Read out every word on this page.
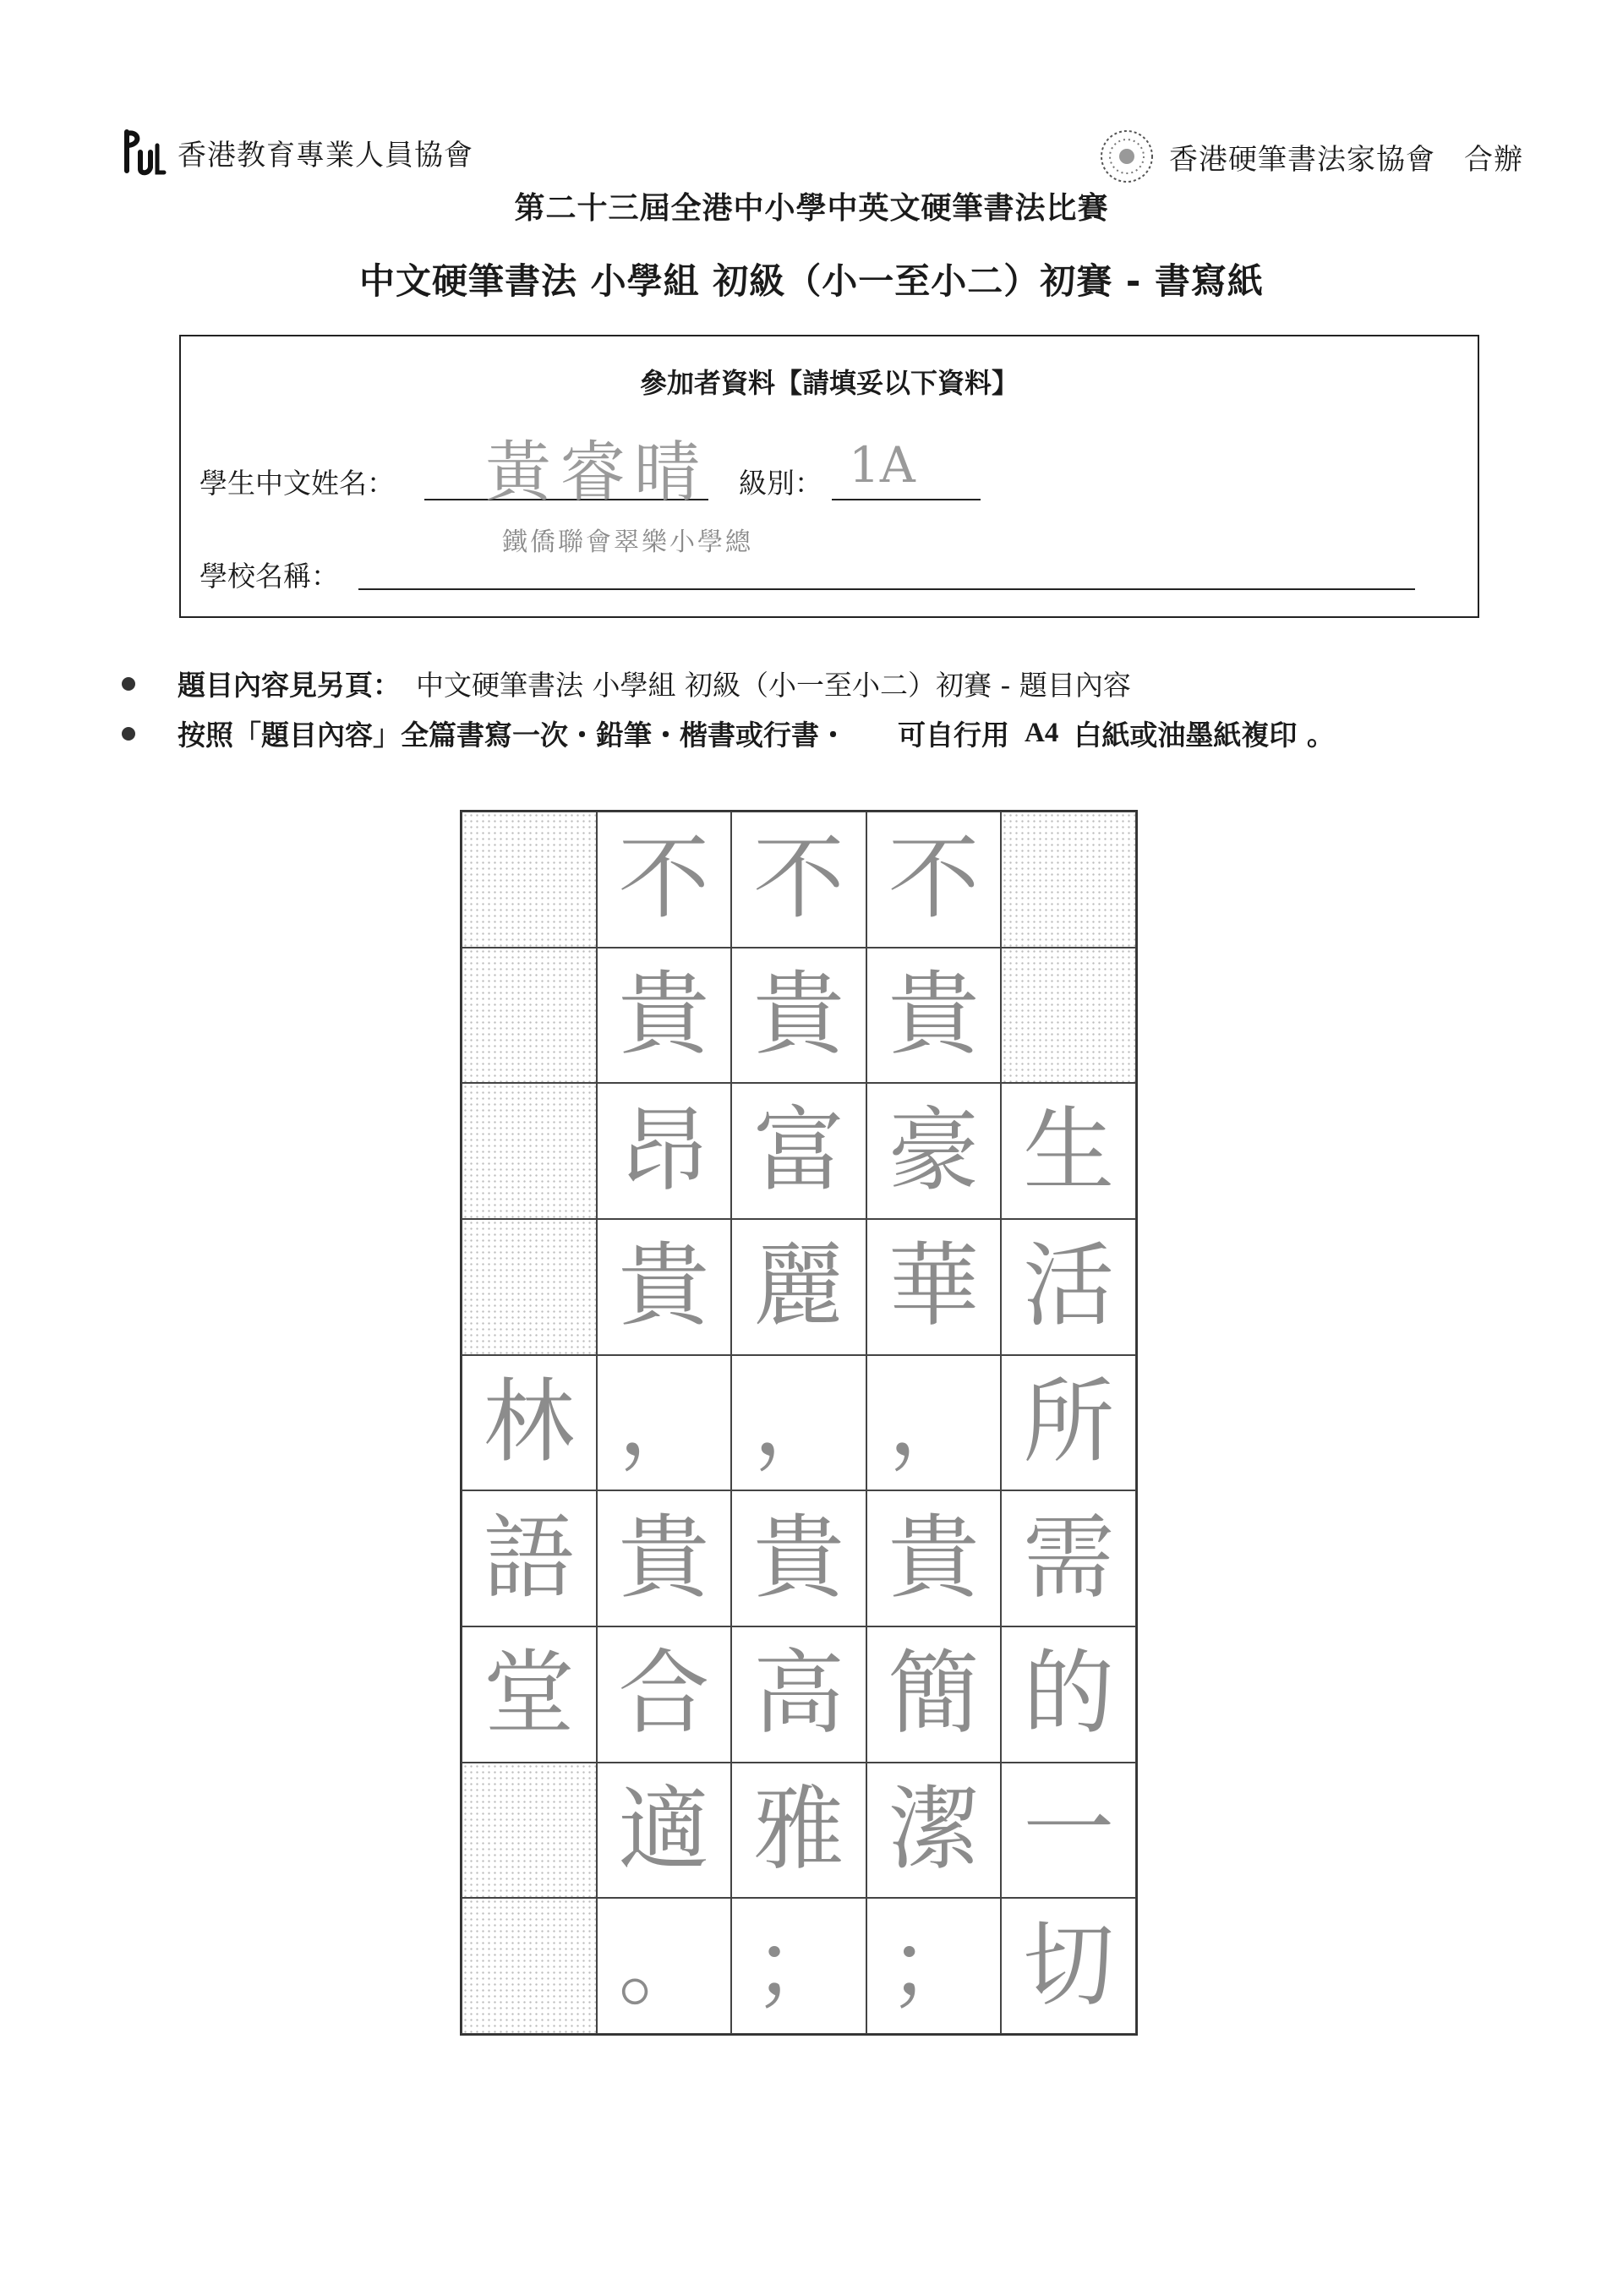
香港教育專業人員協會	香港硬筆書法家協會 合辦
第二十三屆全港中小學中英文硬筆書法比賽
中文硬筆書法 小學組 初級（小一至小二）初賽 - 書寫紙
參加者資料【請填妥以下資料】
學生中文姓名： 黃睿晴 級別： 1A
鐵僑聯會翠樂小學總
學校名稱：
題目內容見另頁： 中文硬筆書法 小學組 初級（小一至小二）初賽 - 題目內容
按照「題目內容」全篇書寫一次・鉛筆・楷書或行書・ 可自行用 A4 白紙或油墨紙複印 。
不 不 不
貴 貴 貴
昂 富 豪 生
貴 麗 華 活
林 ， ， ， 所
語 貴 貴 貴 需
堂 合 高 簡 的
適 雅 潔 一
。 ； ； 切
